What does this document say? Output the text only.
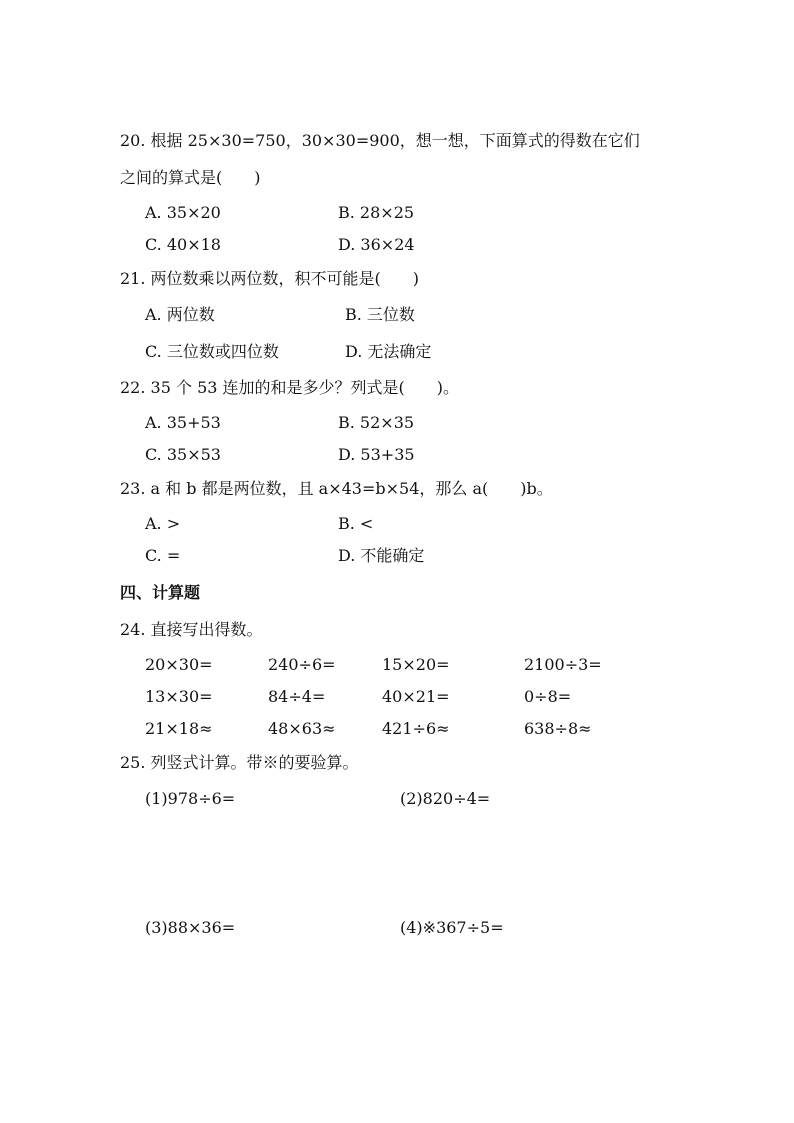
20. 根据 25×30=750，30×30=900，想一想，下面算式的得数在它们
之间的算式是(　　)
A. 35×20	B. 28×25
C. 40×18	D. 36×24
21. 两位数乘以两位数，积不可能是(　　)
A. 两位数	B. 三位数
C. 三位数或四位数	D. 无法确定
22. 35 个 53 连加的和是多少？列式是(　　)。
A. 35+53	B. 52×35
C. 35×53	D. 53+35
23. a 和 b 都是两位数，且 a×43=b×54，那么 a(　　)b。
A. >	B. <
C. =	D. 不能确定
四、计算题
24. 直接写出得数。
20×30=	240÷6=	15×20=	2100÷3=
13×30=	84÷4=	40×21=	0÷8=
21×18≈	48×63≈	421÷6≈	638÷8≈
25. 列竖式计算。带※的要验算。
(1)978÷6=	(2)820÷4=
(3)88×36=	(4)※367÷5=
